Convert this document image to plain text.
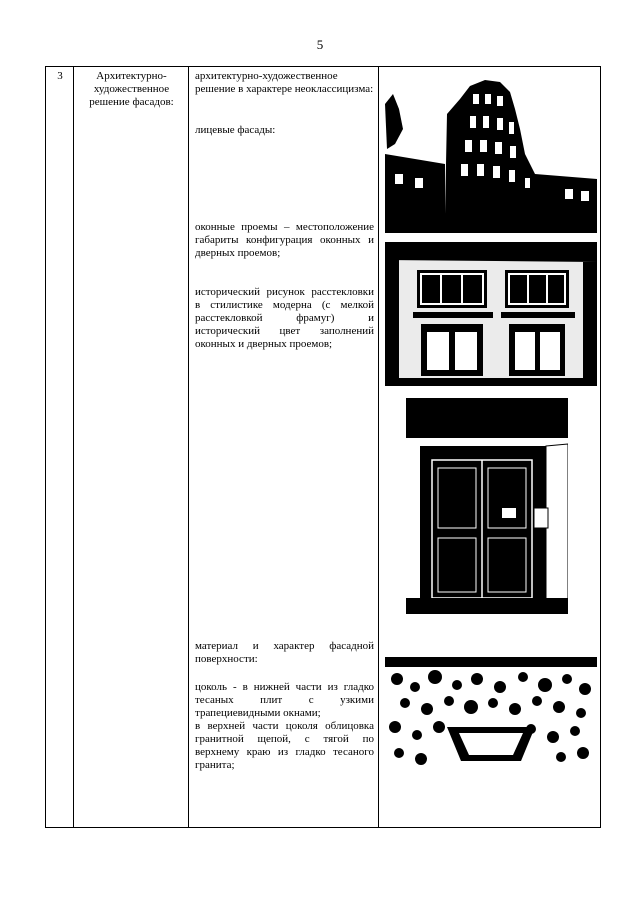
5
3	Архитектурно-художественное решение фасадов:

архитектурно-художественное решение в характере неоклассицизма:

лицевые фасады:

оконные проемы – местоположение габариты конфигурация оконных и дверных проемов;

исторический рисунок расстекловки в стилистике модерна (с мелкой расстекловкой фрамуг) и исторический цвет заполнений оконных и дверных проемов;

материал и характер фасадной поверхности:

цоколь - в нижней части из гладко тесаных плит с узкими трапециевидными окнами;

в верхней части цоколя облицовка гранитной щепой, с тягой по верхнему краю из гладко тесаного гранита;
